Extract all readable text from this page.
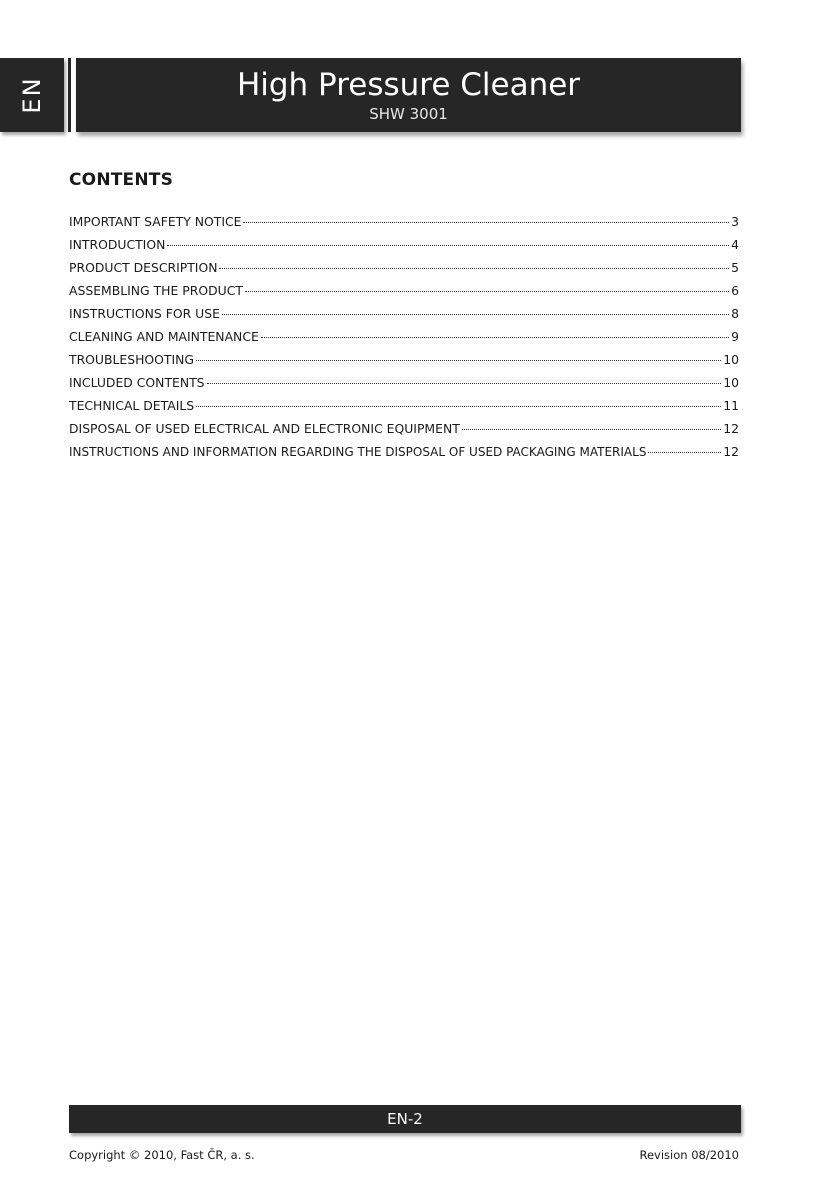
EN	High Pressure Cleaner
SHW 3001
CONTENTS
IMPORTANT SAFETY NOTICE	3
INTRODUCTION	4
PRODUCT DESCRIPTION	5
ASSEMBLING THE PRODUCT	6
INSTRUCTIONS FOR USE	8
CLEANING AND MAINTENANCE	9
TROUBLESHOOTING	10
INCLUDED CONTENTS	10
TECHNICAL DETAILS	11
DISPOSAL OF USED ELECTRICAL AND ELECTRONIC EQUIPMENT	12
INSTRUCTIONS AND INFORMATION REGARDING THE DISPOSAL OF USED PACKAGING MATERIALS	12
EN-2
Copyright © 2010, Fast ČR, a. s.	Revision 08/2010
